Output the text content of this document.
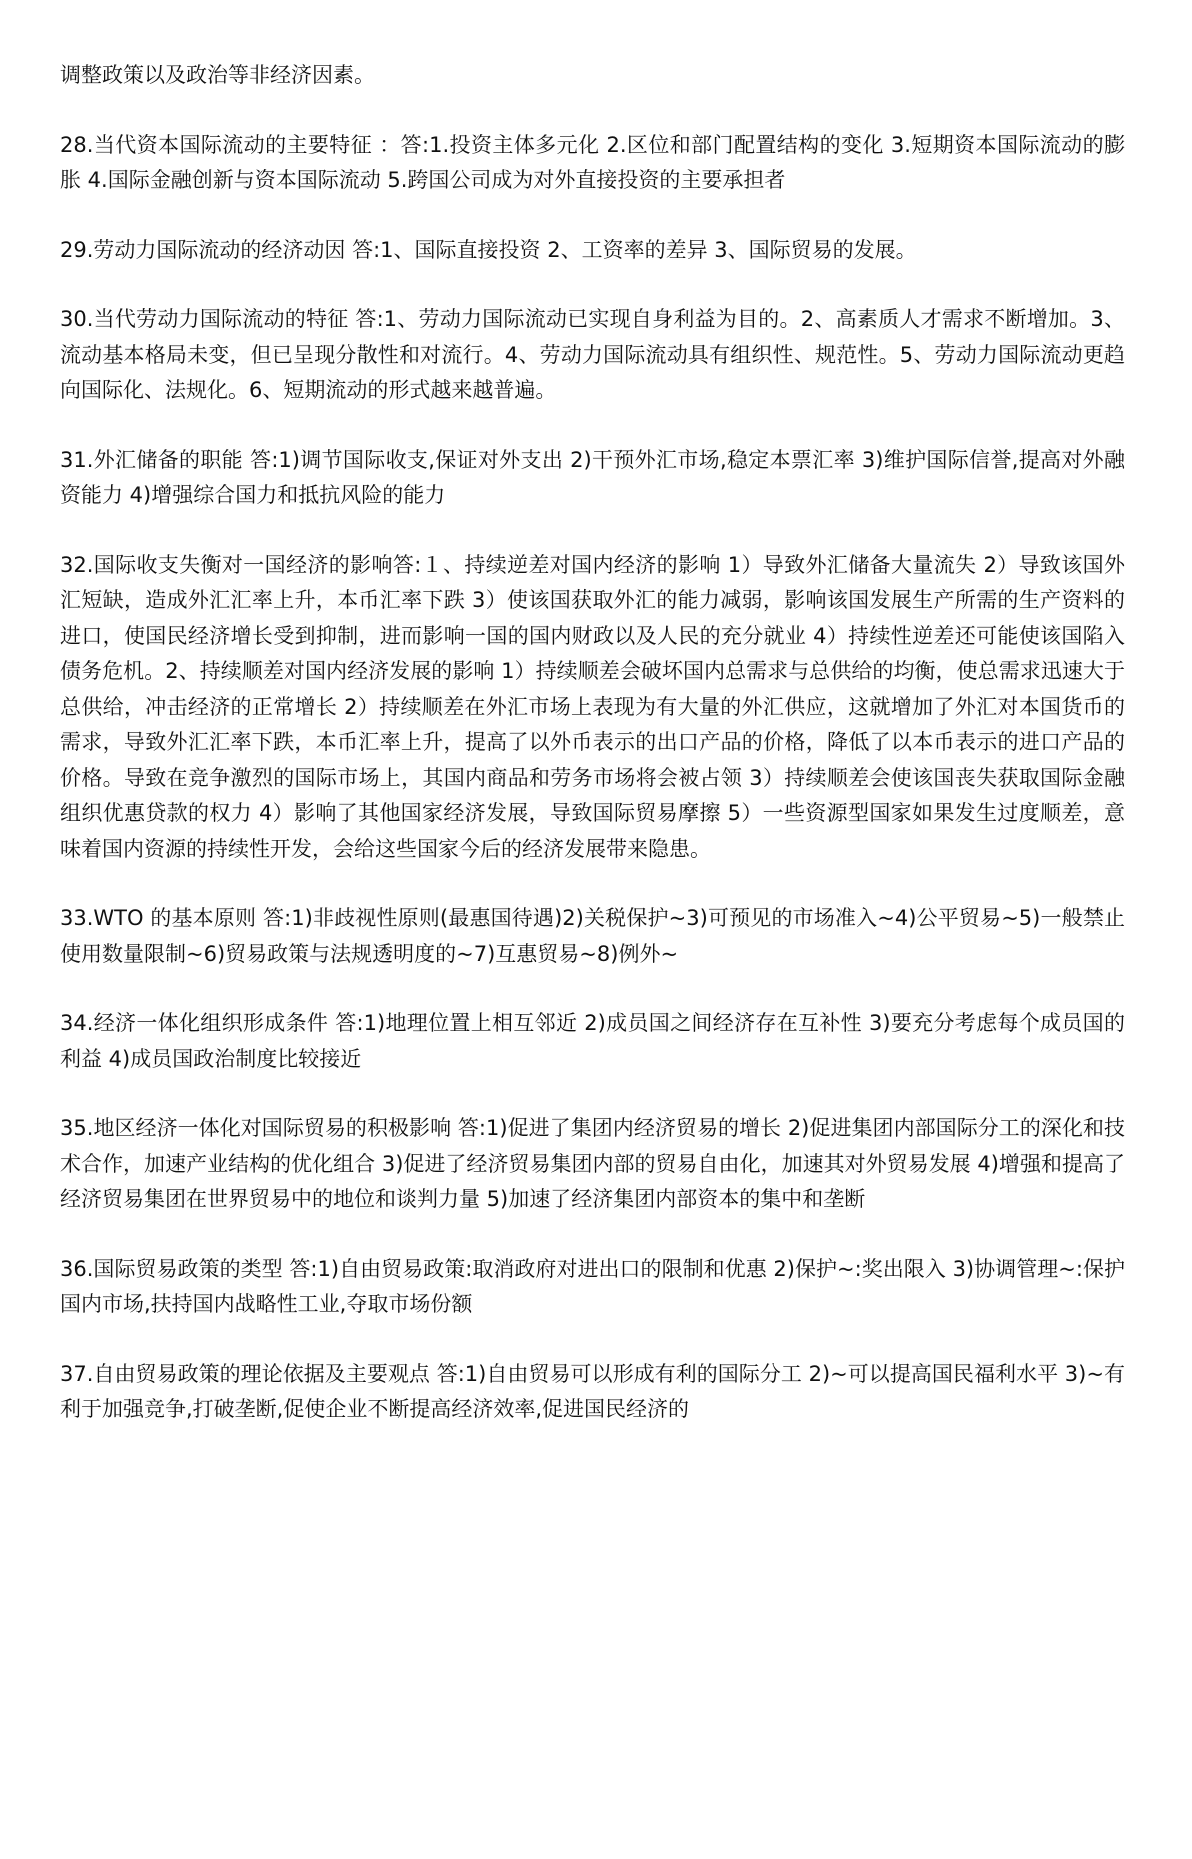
调整政策以及政治等非经济因素。

28.当代资本国际流动的主要特征 ：答:1.投资主体多元化 2.区位和部门配置结构的变化 3.短期资本国际流动的膨胀 4.国际金融创新与资本国际流动 5.跨国公司成为对外直接投资的主要承担者

29.劳动力国际流动的经济动因 答:1、国际直接投资 2、工资率的差异 3、国际贸易的发展。

30.当代劳动力国际流动的特征 答:1、劳动力国际流动已实现自身利益为目的。2、高素质人才需求不断增加。3、流动基本格局未变，但已呈现分散性和对流行。4、劳动力国际流动具有组织性、规范性。5、劳动力国际流动更趋向国际化、法规化。6、短期流动的形式越来越普遍。

31.外汇储备的职能 答:1)调节国际收支,保证对外支出 2)干预外汇市场,稳定本票汇率 3)维护国际信誉,提高对外融资能力 4)增强综合国力和抵抗风险的能力

32.国际收支失衡对一国经济的影响答:１、持续逆差对国内经济的影响 1）导致外汇储备大量流失 2）导致该国外汇短缺，造成外汇汇率上升，本币汇率下跌 3）使该国获取外汇的能力减弱，影响该国发展生产所需的生产资料的进口，使国民经济增长受到抑制，进而影响一国的国内财政以及人民的充分就业 4）持续性逆差还可能使该国陷入债务危机。2、持续顺差对国内经济发展的影响 1）持续顺差会破坏国内总需求与总供给的均衡，使总需求迅速大于总供给，冲击经济的正常增长 2）持续顺差在外汇市场上表现为有大量的外汇供应，这就增加了外汇对本国货币的需求，导致外汇汇率下跌，本币汇率上升，提高了以外币表示的出口产品的价格，降低了以本币表示的进口产品的价格。导致在竞争激烈的国际市场上，其国内商品和劳务市场将会被占领 3）持续顺差会使该国丧失获取国际金融组织优惠贷款的权力 4）影响了其他国家经济发展，导致国际贸易摩擦 5）一些资源型国家如果发生过度顺差，意味着国内资源的持续性开发，会给这些国家今后的经济发展带来隐患。

33.WTO 的基本原则 答:1)非歧视性原则(最惠国待遇)2)关税保护~3)可预见的市场准入~4)公平贸易~5)一般禁止使用数量限制~6)贸易政策与法规透明度的~7)互惠贸易~8)例外~

34.经济一体化组织形成条件 答:1)地理位置上相互邻近 2)成员国之间经济存在互补性 3)要充分考虑每个成员国的利益 4)成员国政治制度比较接近

35.地区经济一体化对国际贸易的积极影响 答:1)促进了集团内经济贸易的增长 2)促进集团内部国际分工的深化和技术合作，加速产业结构的优化组合 3)促进了经济贸易集团内部的贸易自由化，加速其对外贸易发展 4)增强和提高了经济贸易集团在世界贸易中的地位和谈判力量 5)加速了经济集团内部资本的集中和垄断

36.国际贸易政策的类型 答:1)自由贸易政策:取消政府对进出口的限制和优惠 2)保护~:奖出限入 3)协调管理~:保护国内市场,扶持国内战略性工业,夺取市场份额

37.自由贸易政策的理论依据及主要观点 答:1)自由贸易可以形成有利的国际分工 2)~可以提高国民福利水平 3)~有利于加强竞争,打破垄断,促使企业不断提高经济效率,促进国民经济的
